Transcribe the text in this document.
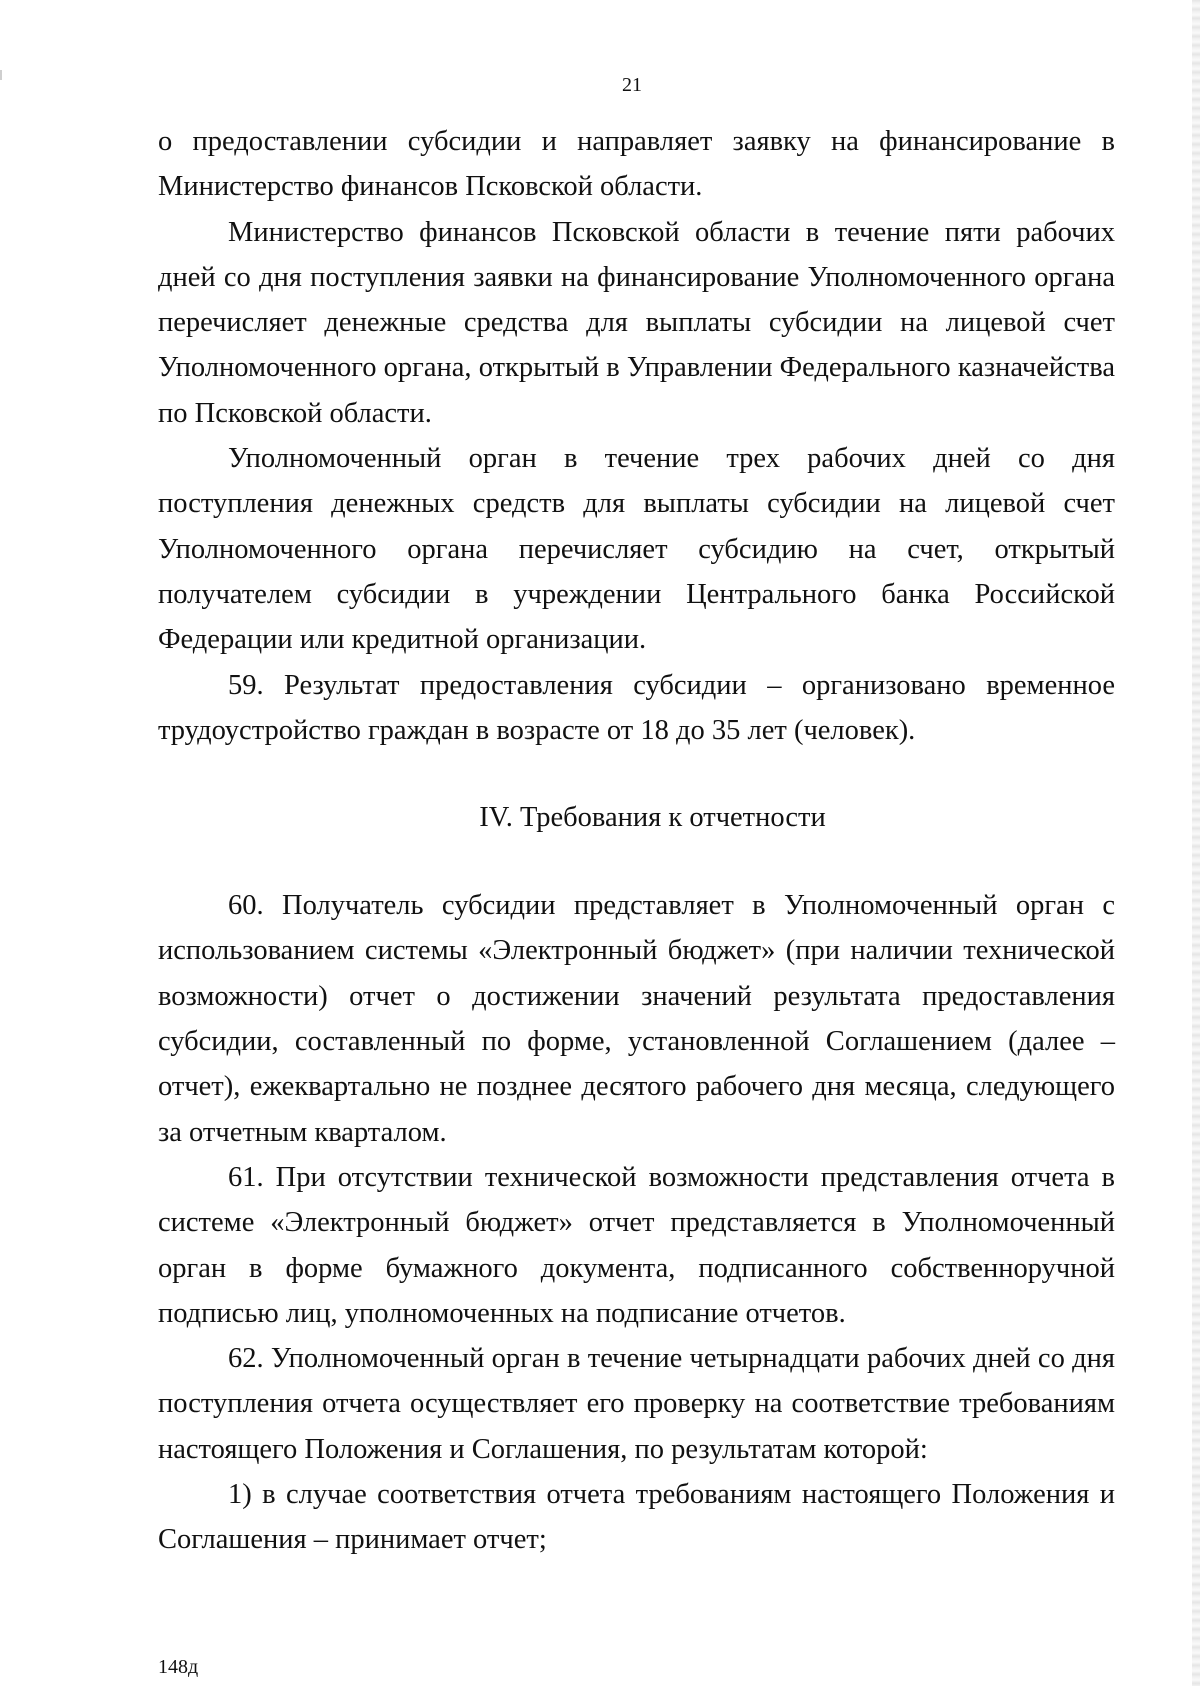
21

о предоставлении субсидии и направляет заявку на финансирование в Министерство финансов Псковской области.

Министерство финансов Псковской области в течение пяти рабочих дней со дня поступления заявки на финансирование Уполномоченного органа перечисляет денежные средства для выплаты субсидии на лицевой счет Уполномоченного органа, открытый в Управлении Федерального казначейства по Псковской области.

Уполномоченный орган в течение трех рабочих дней со дня поступления денежных средств для выплаты субсидии на лицевой счет Уполномоченного органа перечисляет субсидию на счет, открытый получателем субсидии в учреждении Центрального банка Российской Федерации или кредитной организации.

59. Результат предоставления субсидии – организовано временное трудоустройство граждан в возрасте от 18 до 35 лет (человек).

IV. Требования к отчетности

60. Получатель субсидии представляет в Уполномоченный орган с использованием системы «Электронный бюджет» (при наличии технической возможности) отчет о достижении значений результата предоставления субсидии, составленный по форме, установленной Соглашением (далее – отчет), ежеквартально не позднее десятого рабочего дня месяца, следующего за отчетным кварталом.

61. При отсутствии технической возможности представления отчета в системе «Электронный бюджет» отчет представляется в Уполномоченный орган в форме бумажного документа, подписанного собственноручной подписью лиц, уполномоченных на подписание отчетов.

62. Уполномоченный орган в течение четырнадцати рабочих дней со дня поступления отчета осуществляет его проверку на соответствие требованиям настоящего Положения и Соглашения, по результатам которой:

1) в случае соответствия отчета требованиям настоящего Положения и Соглашения – принимает отчет;

148д
